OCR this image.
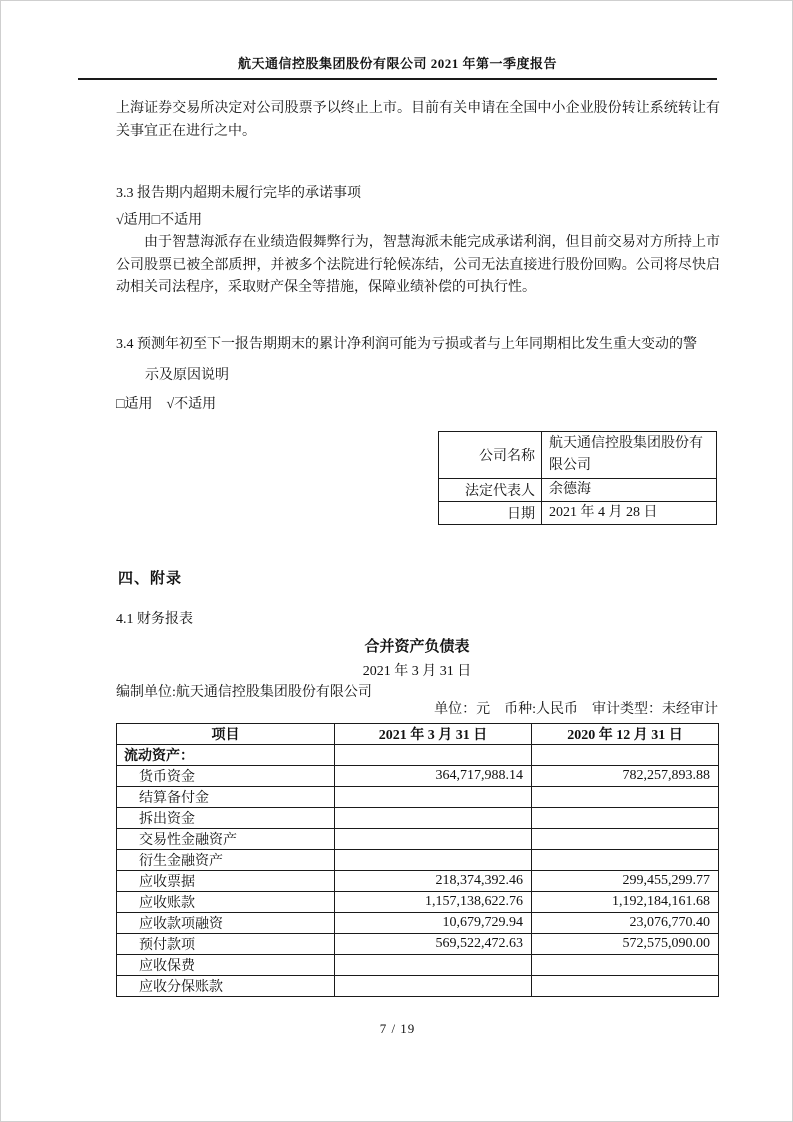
航天通信控股集团股份有限公司 2021 年第一季度报告

上海证券交易所决定对公司股票予以终止上市。目前有关申请在全国中小企业股份转让系统转让有关事宜正在进行之中。

3.3 报告期内超期未履行完毕的承诺事项
√适用□不适用

由于智慧海派存在业绩造假舞弊行为，智慧海派未能完成承诺利润，但目前交易对方所持上市公司股票已被全部质押，并被多个法院进行轮候冻结，公司无法直接进行股份回购。公司将尽快启动相关司法程序，采取财产保全等措施，保障业绩补偿的可执行性。

3.4 预测年初至下一报告期期末的累计净利润可能为亏损或者与上年同期相比发生重大变动的警
示及原因说明
□适用　√不适用
公司名称	航天通信控股集团股份有限公司
法定代表人	余德海
日期	2021 年 4 月 28 日
四、附录
4.1 财务报表
合并资产负债表
2021 年 3 月 31 日
编制单位:航天通信控股集团股份有限公司
单位：元　币种:人民币　审计类型：未经审计
项目	2021 年 3 月 31 日	2020 年 12 月 31 日
流动资产：		
货币资金	364,717,988.14	782,257,893.88
结算备付金		
拆出资金		
交易性金融资产		
衍生金融资产		
应收票据	218,374,392.46	299,455,299.77
应收账款	1,157,138,622.76	1,192,184,161.68
应收款项融资	10,679,729.94	23,076,770.40
预付款项	569,522,472.63	572,575,090.00
应收保费		
应收分保账款		
7 / 19
